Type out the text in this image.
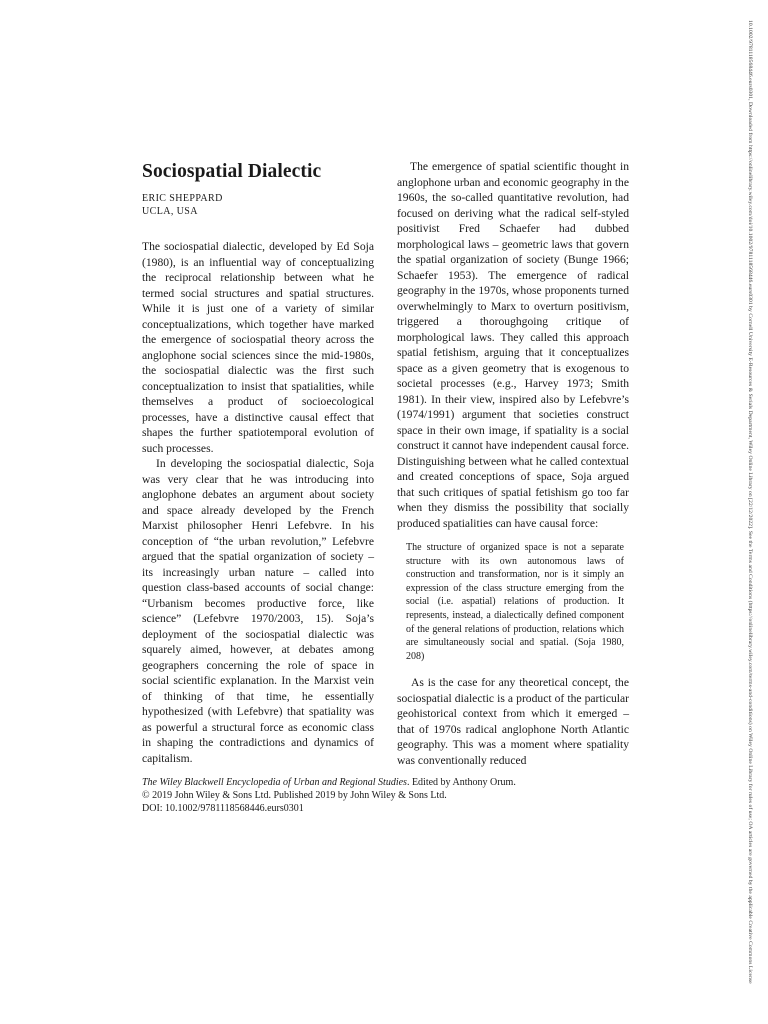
Sociospatial Dialectic
ERIC SHEPPARD
UCLA, USA

The sociospatial dialectic, developed by Ed Soja (1980), is an influential way of conceptualizing the reciprocal relationship between what he termed social structures and spatial structures. While it is just one of a variety of similar conceptualizations, which together have marked the emergence of sociospatial theory across the anglophone social sciences since the mid-1980s, the sociospatial dialectic was the first such conceptualization to insist that spatialities, while themselves a product of socioecological processes, have a distinctive causal effect that shapes the further spatiotemporal evolution of such processes.

In developing the sociospatial dialectic, Soja was very clear that he was introducing into anglophone debates an argument about society and space already developed by the French Marxist philosopher Henri Lefebvre. In his conception of “the urban revolution,” Lefebvre argued that the spatial organization of society – its increasingly urban nature – called into question class-based accounts of social change: “Urbanism becomes productive force, like science” (Lefebvre 1970/2003, 15). Soja’s deployment of the sociospatial dialectic was squarely aimed, however, at debates among geographers concerning the role of space in social scientific explanation. In the Marxist vein of thinking of that time, he essentially hypothesized (with Lefebvre) that spatiality was as powerful a structural force as economic class in shaping the contradictions and dynamics of capitalism.

The emergence of spatial scientific thought in anglophone urban and economic geography in the 1960s, the so-called quantitative revolution, had focused on deriving what the radical self-styled positivist Fred Schaefer had dubbed morphological laws – geometric laws that govern the spatial organization of society (Bunge 1966; Schaefer 1953). The emergence of radical geography in the 1970s, whose proponents turned overwhelmingly to Marx to overturn positivism, triggered a thoroughgoing critique of morphological laws. They called this approach spatial fetishism, arguing that it conceptualizes space as a given geometry that is exogenous to societal processes (e.g., Harvey 1973; Smith 1981). In their view, inspired also by Lefebvre’s (1974/1991) argument that societies construct space in their own image, if spatiality is a social construct it cannot have independent causal force. Distinguishing between what he called contextual and created conceptions of space, Soja argued that such critiques of spatial fetishism go too far when they dismiss the possibility that socially produced spatialities can have causal force:

The structure of organized space is not a separate structure with its own autonomous laws of construction and transformation, nor is it simply an expression of the class structure emerging from the social (i.e. aspatial) relations of production. It represents, instead, a dialectically defined component of the general relations of production, relations which are simultaneously social and spatial. (Soja 1980, 208)

As is the case for any theoretical concept, the sociospatial dialectic is a product of the particular geohistorical context from which it emerged – that of 1970s radical anglophone North Atlantic geography. This was a moment where spatiality was conventionally reduced

The Wiley Blackwell Encyclopedia of Urban and Regional Studies. Edited by Anthony Orum.
© 2019 John Wiley & Sons Ltd. Published 2019 by John Wiley & Sons Ltd.
DOI: 10.1002/9781118568446.eurs0301	10.1002/9781118568446.eurs0301, Downloaded from https://onlinelibrary.wiley.com/doi/10.1002/9781118568446.eurs0301 by Cornell University E-Resources & Serials Department, Wiley Online Library on [22/12/2022]. See the Terms and Conditions (https://onlinelibrary.wiley.com/terms-and-conditions) on Wiley Online Library for rules of use; OA articles are governed by the applicable Creative Commons License
